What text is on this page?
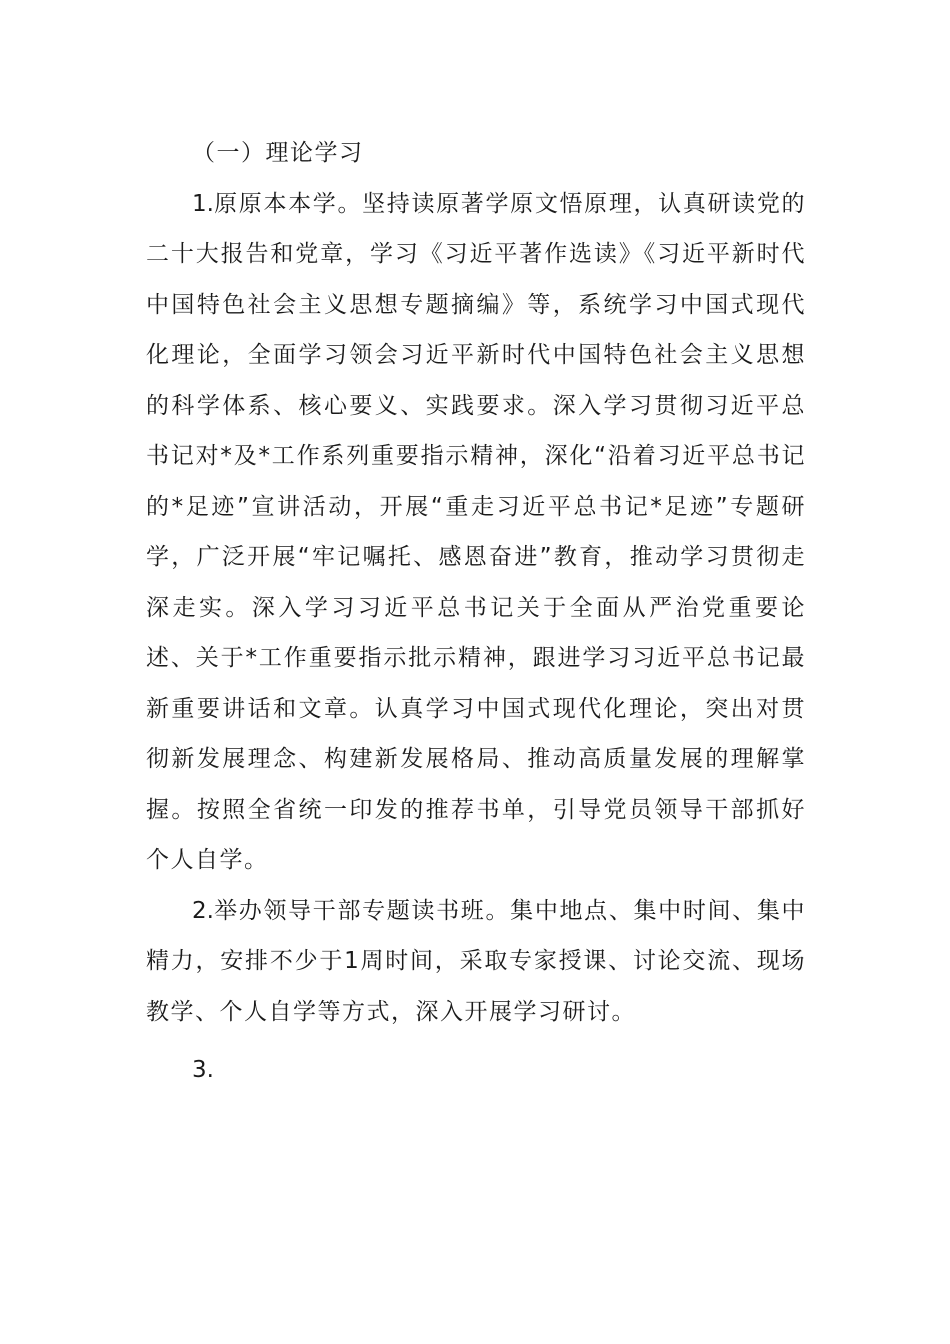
（一）理论学习

1.原原本本学。坚持读原著学原文悟原理，认真研读党的二十大报告和党章，学习《习近平著作选读》《习近平新时代中国特色社会主义思想专题摘编》等，系统学习中国式现代化理论，全面学习领会习近平新时代中国特色社会主义思想的科学体系、核心要义、实践要求。深入学习贯彻习近平总书记对*及*工作系列重要指示精神，深化“沿着习近平总书记的*足迹”宣讲活动，开展“重走习近平总书记*足迹”专题研学，广泛开展“牢记嘱托、感恩奋进”教育，推动学习贯彻走深走实。深入学习习近平总书记关于全面从严治党重要论述、关于*工作重要指示批示精神，跟进学习习近平总书记最新重要讲话和文章。认真学习中国式现代化理论，突出对贯彻新发展理念、构建新发展格局、推动高质量发展的理解掌握。按照全省统一印发的推荐书单，引导党员领导干部抓好个人自学。

2.举办领导干部专题读书班。集中地点、集中时间、集中精力，安排不少于1周时间，采取专家授课、讨论交流、现场教学、个人自学等方式，深入开展学习研讨。

3.
